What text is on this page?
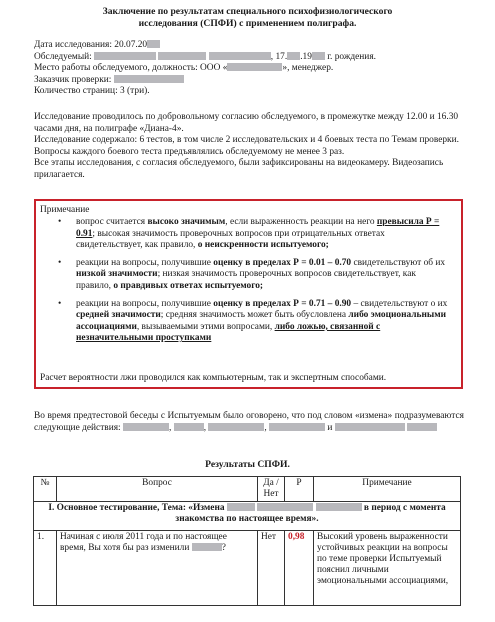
Заключение по результатам специального психофизиологического
исследования (СПФИ) с применением полиграфа.
Дата исследования: 20.07.20
Обследуемый:	, 17. .19 г. рождения.
Место работы обследуемого, должность: ООО «	», менеджер.
Заказчик проверки:
Количество страниц: 3 (три).
Исследование проводилось по добровольному согласию обследуемого, в промежутке между 12.00 и 16.30 часами дня, на полиграфе «Диана-4».
Исследование содержало: 6 тестов, в том числе 2 исследовательских и 4 боевых теста по Темам проверки. Вопросы каждого боевого теста предъявлялись обследуемому не менее 3 раз.
Все этапы исследования, с согласия обследуемого, были зафиксированы на видеокамеру. Видеозапись прилагается.
Примечание
• вопрос считается высоко значимым, если выраженность реакции на него превысила Р = 0.91; высокая значимость проверочных вопросов при отрицательных ответах свидетельствует, как правило, о неискренности испытуемого;
• реакции на вопросы, получившие оценку в пределах Р = 0.01 – 0.70 свидетельствуют об их низкой значимости; низкая значимость проверочных вопросов свидетельствует, как правило, о правдивых ответах испытуемого;
• реакции на вопросы, получившие оценку в пределах Р = 0.71 – 0.90 – свидетельствуют о их средней значимости; средняя значимость может быть обусловлена либо эмоциональными ассоциациями, вызываемыми этими вопросами, либо ложью, связанной с незначительными проступками
Расчет вероятности лжи проводился как компьютерным, так и экспертным способами.
Во время предтестовой беседы с Испытуемым было оговорено, что под словом «измена» подразумеваются следующие действия:	,	,	,	и
Результаты СПФИ.
№	Вопрос	Да / Нет	Р	Примечание
I. Основное тестирование, Тема: «Измена в период с момента знакомства по настоящее время».				
1.	Начиная с июля 2011 года и по настоящее время, Вы хотя бы раз изменили ?	Нет	0,98	Высокий уровень выраженности устойчивых реакции на вопросы по теме проверки Испытуемый пояснил личными эмоциональными ассоциациями,
